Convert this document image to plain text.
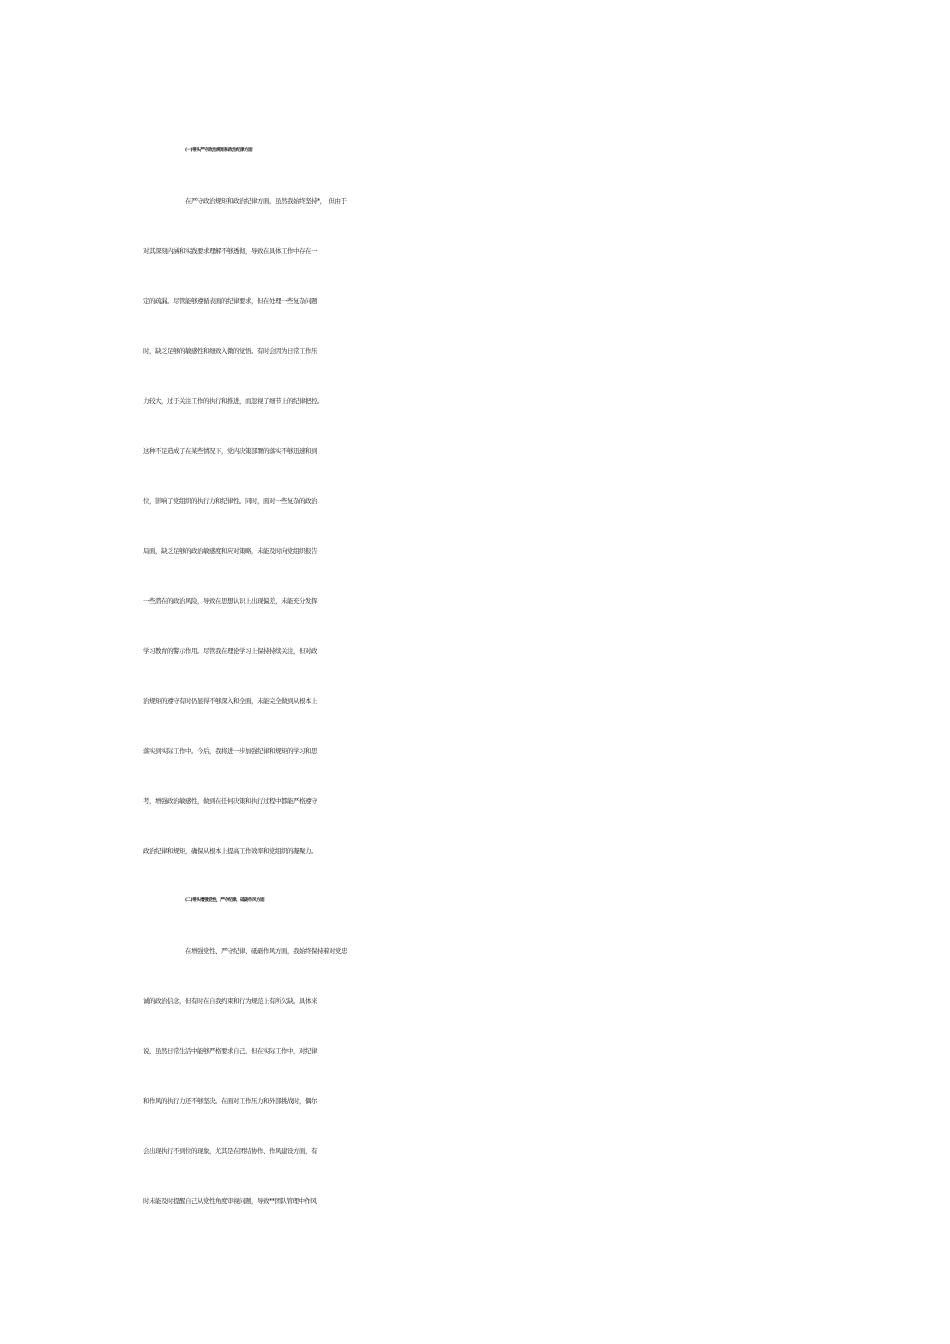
(一)带头严守政治规矩和政治纪律方面
在严守政治规矩和政治纪律方面，虽然我始终坚持*，　但由于
对其深刻内涵和实践要求理解不够透彻，导致在具体工作中存在一
定的疏漏。尽管能够遵循表面的纪律要求，但在处理一些复杂问题
时，缺乏足够的敏感性和细致入微的觉悟。有时会因为日常工作压
力较大，过于关注工作的执行和推进，而忽视了细节上的纪律把控。
这种不足造成了在某些情况下，党内决策部署的落实不够迅速和到
位，影响了党组织的执行力和纪律性。同时，面对一些复杂的政治
局面，缺乏足够的政治敏感度和应对策略，未能及时向党组织报告
一些潜在的政治风险，导致在思想认识上出现偏差，未能充分发挥
学习教育的警示作用。尽管我在理论学习上保持持续关注，但对政
治规矩的遵守有时仍显得不够深入和全面，未能完全做到从根本上
落实到实际工作中。今后，我将进一步加强纪律和规矩的学习和思
考，增强政治敏感性，做到在任何决策和执行过程中都能严格遵守
政治纪律和规矩，确保从根本上提高工作效率和党组织的凝聚力。
(二)带头增强党性，严守纪律，砥砺作风方面
在增强党性、严守纪律、砥砺作风方面，我始终保持着对党忠
诚的政治信念，但有时在自我约束和行为规范上有所欠缺。具体来
说，虽然日常生活中能够严格要求自己，但在实际工作中，对纪律
和作风的执行力还不够坚决。在面对工作压力和外部挑战时，偶尔
会出现执行不到位的现象，尤其是在团结协作、作风建设方面，有
时未能及时提醒自己从党性角度审视问题，导致**团队管理中作风
